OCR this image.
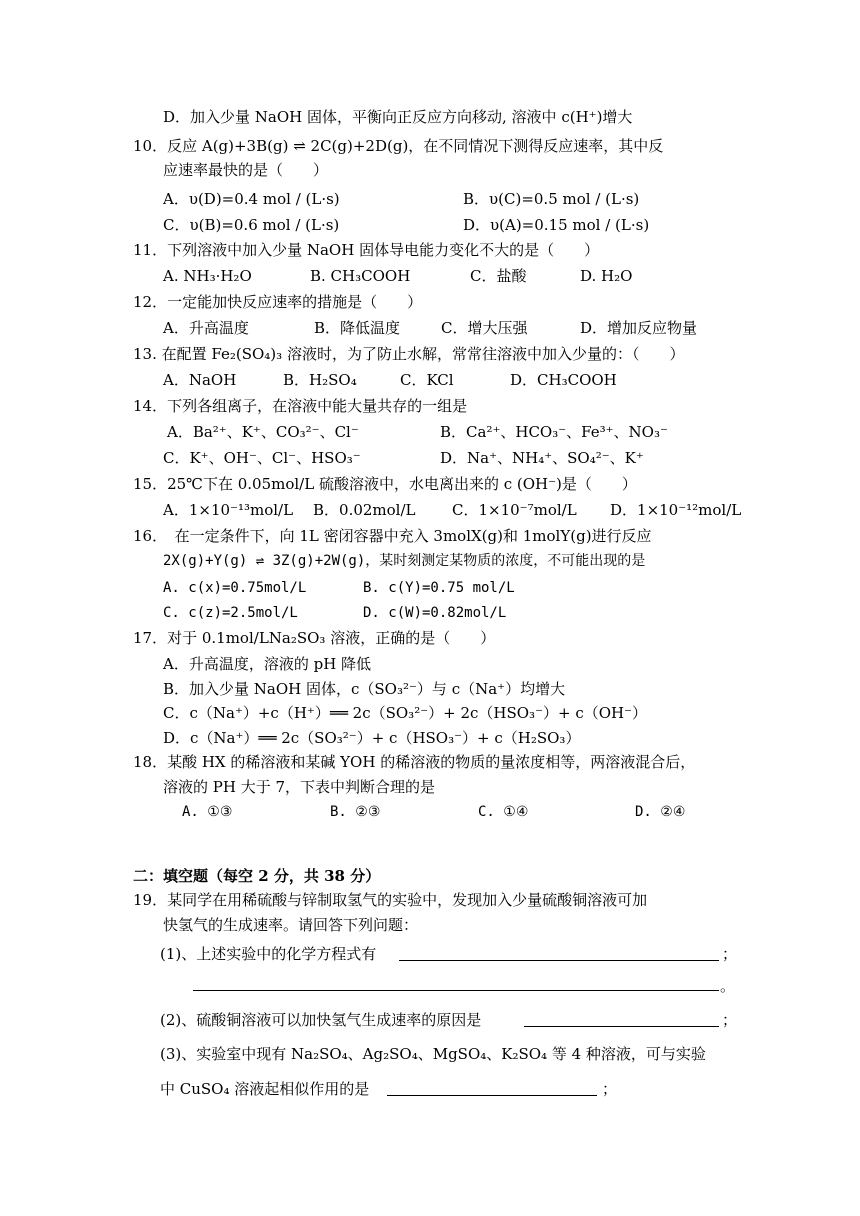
D．加入少量 NaOH 固体，平衡向正反应方向移动, 溶液中 c(H⁺)增大
10．反应 A(g)+3B(g) ⇌ 2C(g)+2D(g)，在不同情况下测得反应速率，其中反
应速率最快的是（　　）
A．υ(D)=0.4 mol / (L·s)	B．υ(C)=0.5 mol / (L·s)
C．υ(B)=0.6 mol / (L·s)	D．υ(A)=0.15 mol / (L·s)
11．下列溶液中加入少量 NaOH 固体导电能力变化不大的是（　　）
A. NH₃·H₂O	B. CH₃COOH	C．盐酸	D. H₂O
12．一定能加快反应速率的措施是（　　）
A．升高温度	B．降低温度	C．增大压强	D．增加反应物量
13. 在配置 Fe₂(SO₄)₃ 溶液时，为了防止水解，常常往溶液中加入少量的：（　　）
A．NaOH	B．H₂SO₄	C．KCl	D．CH₃COOH
14．下列各组离子，在溶液中能大量共存的一组是
A．Ba²⁺、K⁺、CO₃²⁻、Cl⁻	B．Ca²⁺、HCO₃⁻、Fe³⁺、NO₃⁻
C．K⁺、OH⁻、Cl⁻、HSO₃⁻	D．Na⁺、NH₄⁺、SO₄²⁻、K⁺
15．25℃下在 0.05mol/L 硫酸溶液中，水电离出来的 c (OH⁻)是（　　）
A．1×10⁻¹³mol/L B．0.02mol/L C．1×10⁻⁷mol/L D．1×10⁻¹²mol/L
16．　在一定条件下，向 1L 密闭容器中充入 3molX(g)和 1molY(g)进行反应
2X(g)+Y(g) ⇌ 3Z(g)+2W(g)，某时刻测定某物质的浓度，不可能出现的是
A. c(x)=0.75mol/L	B. c(Y)=0.75 mol/L
C. c(z)=2.5mol/L	D. c(W)=0.82mol/L
17．对于 0.1mol/LNa₂SO₃ 溶液，正确的是（　　）
A．升高温度，溶液的 pH 降低
B．加入少量 NaOH 固体，c（SO₃²⁻）与 c（Na⁺）均增大
C．c（Na⁺）+c（H⁺）══ 2c（SO₃²⁻）+ 2c（HSO₃⁻）+ c（OH⁻）
D．c（Na⁺）══ 2c（SO₃²⁻）+ c（HSO₃⁻）+ c（H₂SO₃）
18．某酸 HX 的稀溶液和某碱 YOH 的稀溶液的物质的量浓度相等，两溶液混合后，
溶液的 PH 大于 7，下表中判断合理的是
A. ①③	B. ②③	C. ①④	D. ②④
二：填空题（每空 2 分，共 38 分）
19．某同学在用稀硫酸与锌制取氢气的实验中，发现加入少量硫酸铜溶液可加
快氢气的生成速率。请回答下列问题：
(1)、上述实验中的化学方程式有	；
。
(2)、硫酸铜溶液可以加快氢气生成速率的原因是	；
(3)、实验室中现有 Na₂SO₄、Ag₂SO₄、MgSO₄、K₂SO₄ 等 4 种溶液，可与实验
中 CuSO₄ 溶液起相似作用的是	；
